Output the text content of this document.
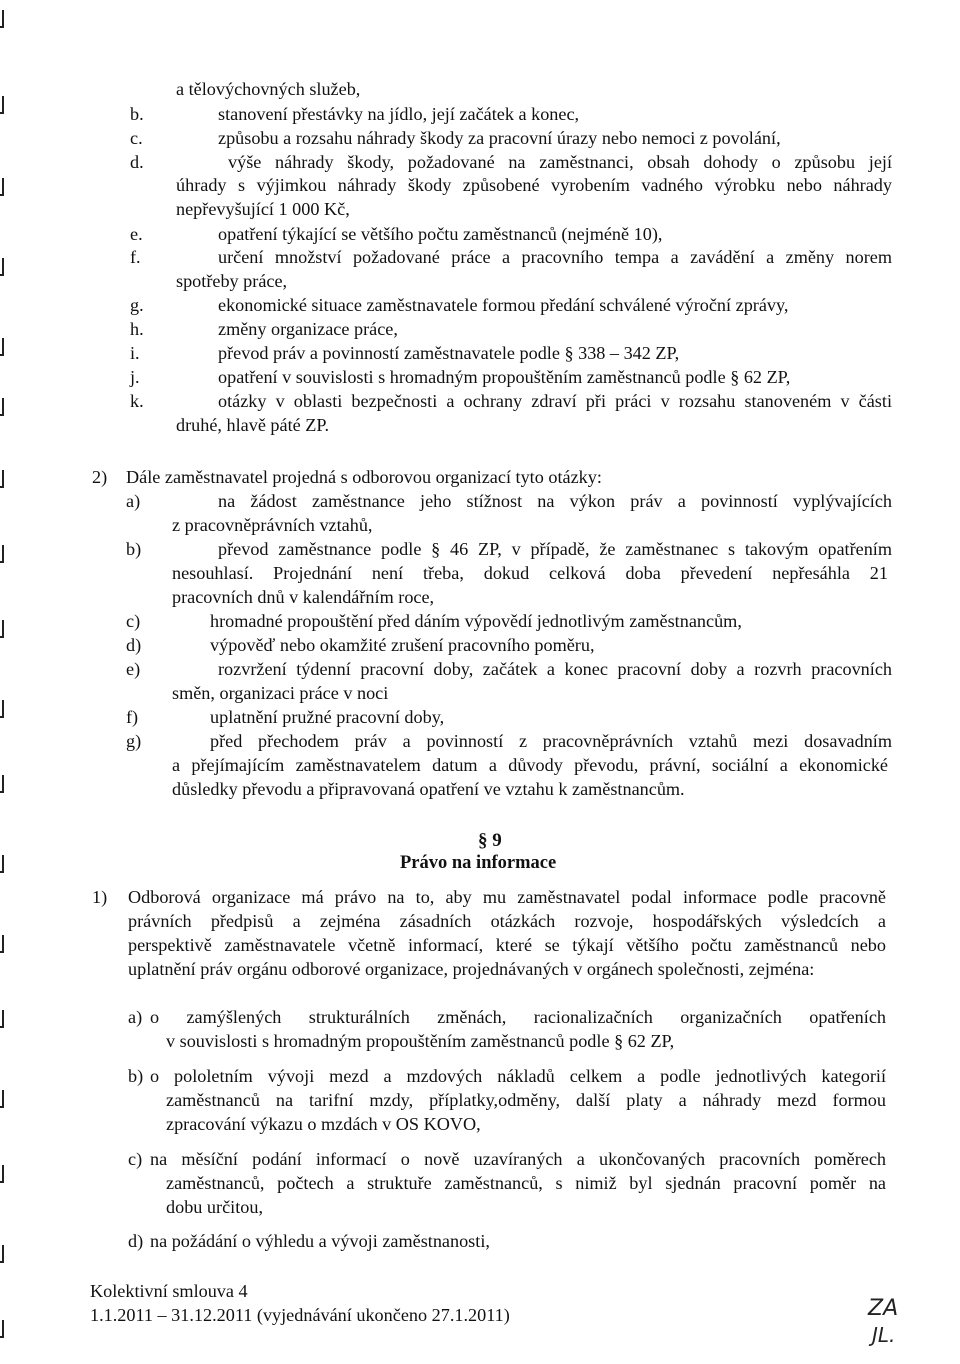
a tělovýchovných služeb,
b.	stanovení přestávky na jídlo, její začátek a konec,
c.	způsobu a rozsahu náhrady škody za pracovní úrazy nebo nemoci z povolání,
d.	výše náhrady škody, požadované na zaměstnanci, obsah dohody o způsobu její
úhrady s výjimkou náhrady škody způsobené vyrobením vadného výrobku nebo náhrady
nepřevyšující 1 000 Kč,
e.	opatření týkající se většího počtu zaměstnanců (nejméně 10),
f.	určení množství požadované práce a pracovního tempa a zavádění a změny norem
spotřeby práce,
g.	ekonomické situace zaměstnavatele formou předání schválené výroční zprávy,
h.	změny organizace práce,
i.	převod práv a povinností zaměstnavatele podle § 338 – 342 ZP,
j.	opatření v souvislosti s hromadným propouštěním zaměstnanců podle § 62 ZP,
k.	otázky v oblasti bezpečnosti a ochrany zdraví při práci v rozsahu stanoveném v části
druhé, hlavě páté ZP.
2) Dále zaměstnavatel projedná s odborovou organizací tyto otázky:
a)	na žádost zaměstnance jeho stížnost na výkon práv a povinností vyplývajících
z pracovněprávních vztahů,
b)	převod zaměstnance podle § 46 ZP, v případě, že zaměstnanec s takovým opatřením
nesouhlasí. Projednání není třeba, dokud celková doba převedení nepřesáhla 21
pracovních dnů v kalendářním roce,
c)	hromadné propouštění před dáním výpovědí jednotlivým zaměstnancům,
d)	výpověď nebo okamžité zrušení pracovního poměru,
e)	rozvržení týdenní pracovní doby, začátek a konec pracovní doby a rozvrh pracovních
směn, organizaci práce v noci
f)	uplatnění pružné pracovní doby,
g)	před přechodem práv a povinností z pracovněprávních vztahů mezi dosavadním
a přejímajícím zaměstnavatelem datum a důvody převodu, právní, sociální a ekonomické
důsledky převodu a připravovaná opatření ve vztahu k zaměstnancům.
§ 9
Právo na informace
1) Odborová organizace má právo na to, aby mu zaměstnavatel podal informace podle pracovně
právních předpisů a zejména zásadních otázkách rozvoje, hospodářských výsledcích a
perspektivě zaměstnavatele včetně informací, které se týkají většího počtu zaměstnanců nebo
uplatnění práv orgánu odborové organizace, projednávaných v orgánech společnosti, zejména:
a) o zamýšlených strukturálních změnách, racionalizačních organizačních opatřeních
v souvislosti s hromadným propouštěním zaměstnanců podle § 62 ZP,
b) o pololetním vývoji mezd a mzdových nákladů celkem a podle jednotlivých kategorií
zaměstnanců na tarifní mzdy, příplatky,odměny, další platy a náhrady mezd formou
zpracování výkazu o mzdách v OS KOVO,
c) na měsíční podání informací o nově uzavíraných a ukončovaných pracovních poměrech
zaměstnanců, počtech a struktuře zaměstnanců, s nimiž byl sjednán pracovní poměr na
dobu určitou,
d) na požádání o výhledu a vývoji zaměstnanosti,
Kolektivní smlouva 4
1.1.2011 – 31.12.2011 (vyjednávání ukončeno 27.1.2011)	ZA
JL.
